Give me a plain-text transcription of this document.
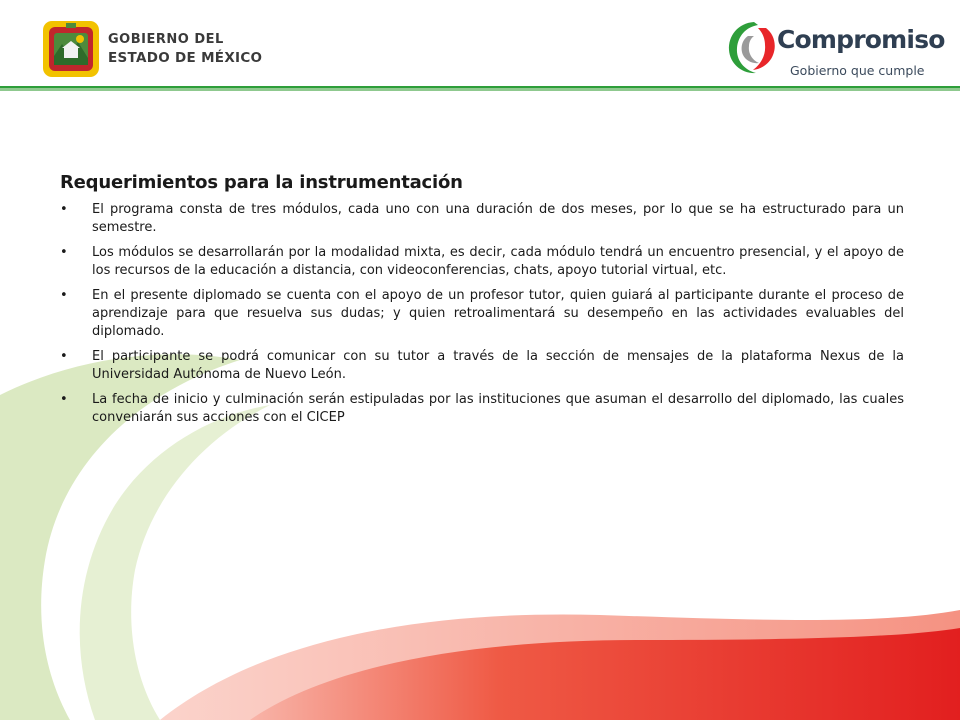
GOBIERNO DEL
ESTADO DE MÉXICO
Compromiso
Gobierno que cumple
Requerimientos para la instrumentación
• El programa consta de tres módulos, cada uno con una duración de dos meses, por lo que se ha estructurado para un semestre.
• Los módulos se desarrollarán por la modalidad mixta, es decir, cada módulo tendrá un encuentro presencial, y el apoyo de los recursos de la educación a distancia, con videoconferencias, chats, apoyo tutorial virtual, etc.
• En el presente diplomado se cuenta con el apoyo de un profesor tutor, quien guiará al participante durante el proceso de aprendizaje para que resuelva sus dudas; y quien retroalimentará su desempeño en las actividades evaluables del diplomado.
• El participante se podrá comunicar con su tutor a través de la sección de mensajes de la plataforma Nexus de la Universidad Autónoma de Nuevo León.
• La fecha de inicio y culminación serán estipuladas por las instituciones que asuman el desarrollo del diplomado, las cuales conveniarán sus acciones con el CICEP
